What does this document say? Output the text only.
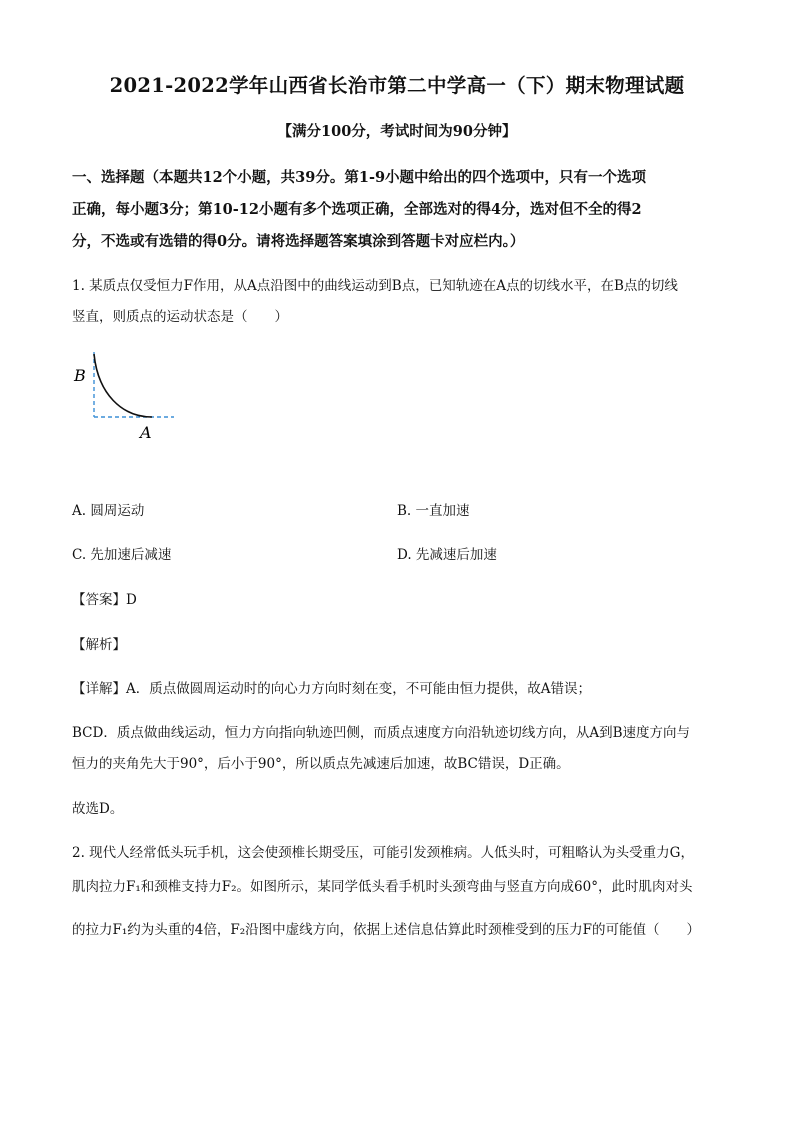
2021-2022学年山西省长治市第二中学高一（下）期末物理试题
【满分100分，考试时间为90分钟】
一、选择题（本题共12个小题，共39分。第1-9小题中给出的四个选项中，只有一个选项
正确，每小题3分；第10-12小题有多个选项正确，全部选对的得4分，选对但不全的得2
分，不选或有选错的得0分。请将选择题答案填涂到答题卡对应栏内。）
1. 某质点仅受恒力F作用，从A点沿图中的曲线运动到B点，已知轨迹在A点的切线水平，在B点的切线
竖直，则质点的运动状态是（　　）
B
A
A. 圆周运动	B. 一直加速
C. 先加速后减速	D. 先减速后加速
【答案】D
【解析】
【详解】A．质点做圆周运动时的向心力方向时刻在变，不可能由恒力提供，故A错误；
BCD．质点做曲线运动，恒力方向指向轨迹凹侧，而质点速度方向沿轨迹切线方向，从A到B速度方向与
恒力的夹角先大于90°，后小于90°，所以质点先减速后加速，故BC错误，D正确。
故选D。
2. 现代人经常低头玩手机，这会使颈椎长期受压，可能引发颈椎病。人低头时，可粗略认为头受重力G，
肌肉拉力F₁和颈椎支持力F₂。如图所示，某同学低头看手机时头颈弯曲与竖直方向成60°，此时肌肉对头
的拉力F₁约为头重的4倍，F₂沿图中虚线方向，依据上述信息估算此时颈椎受到的压力F的可能值（　　）
